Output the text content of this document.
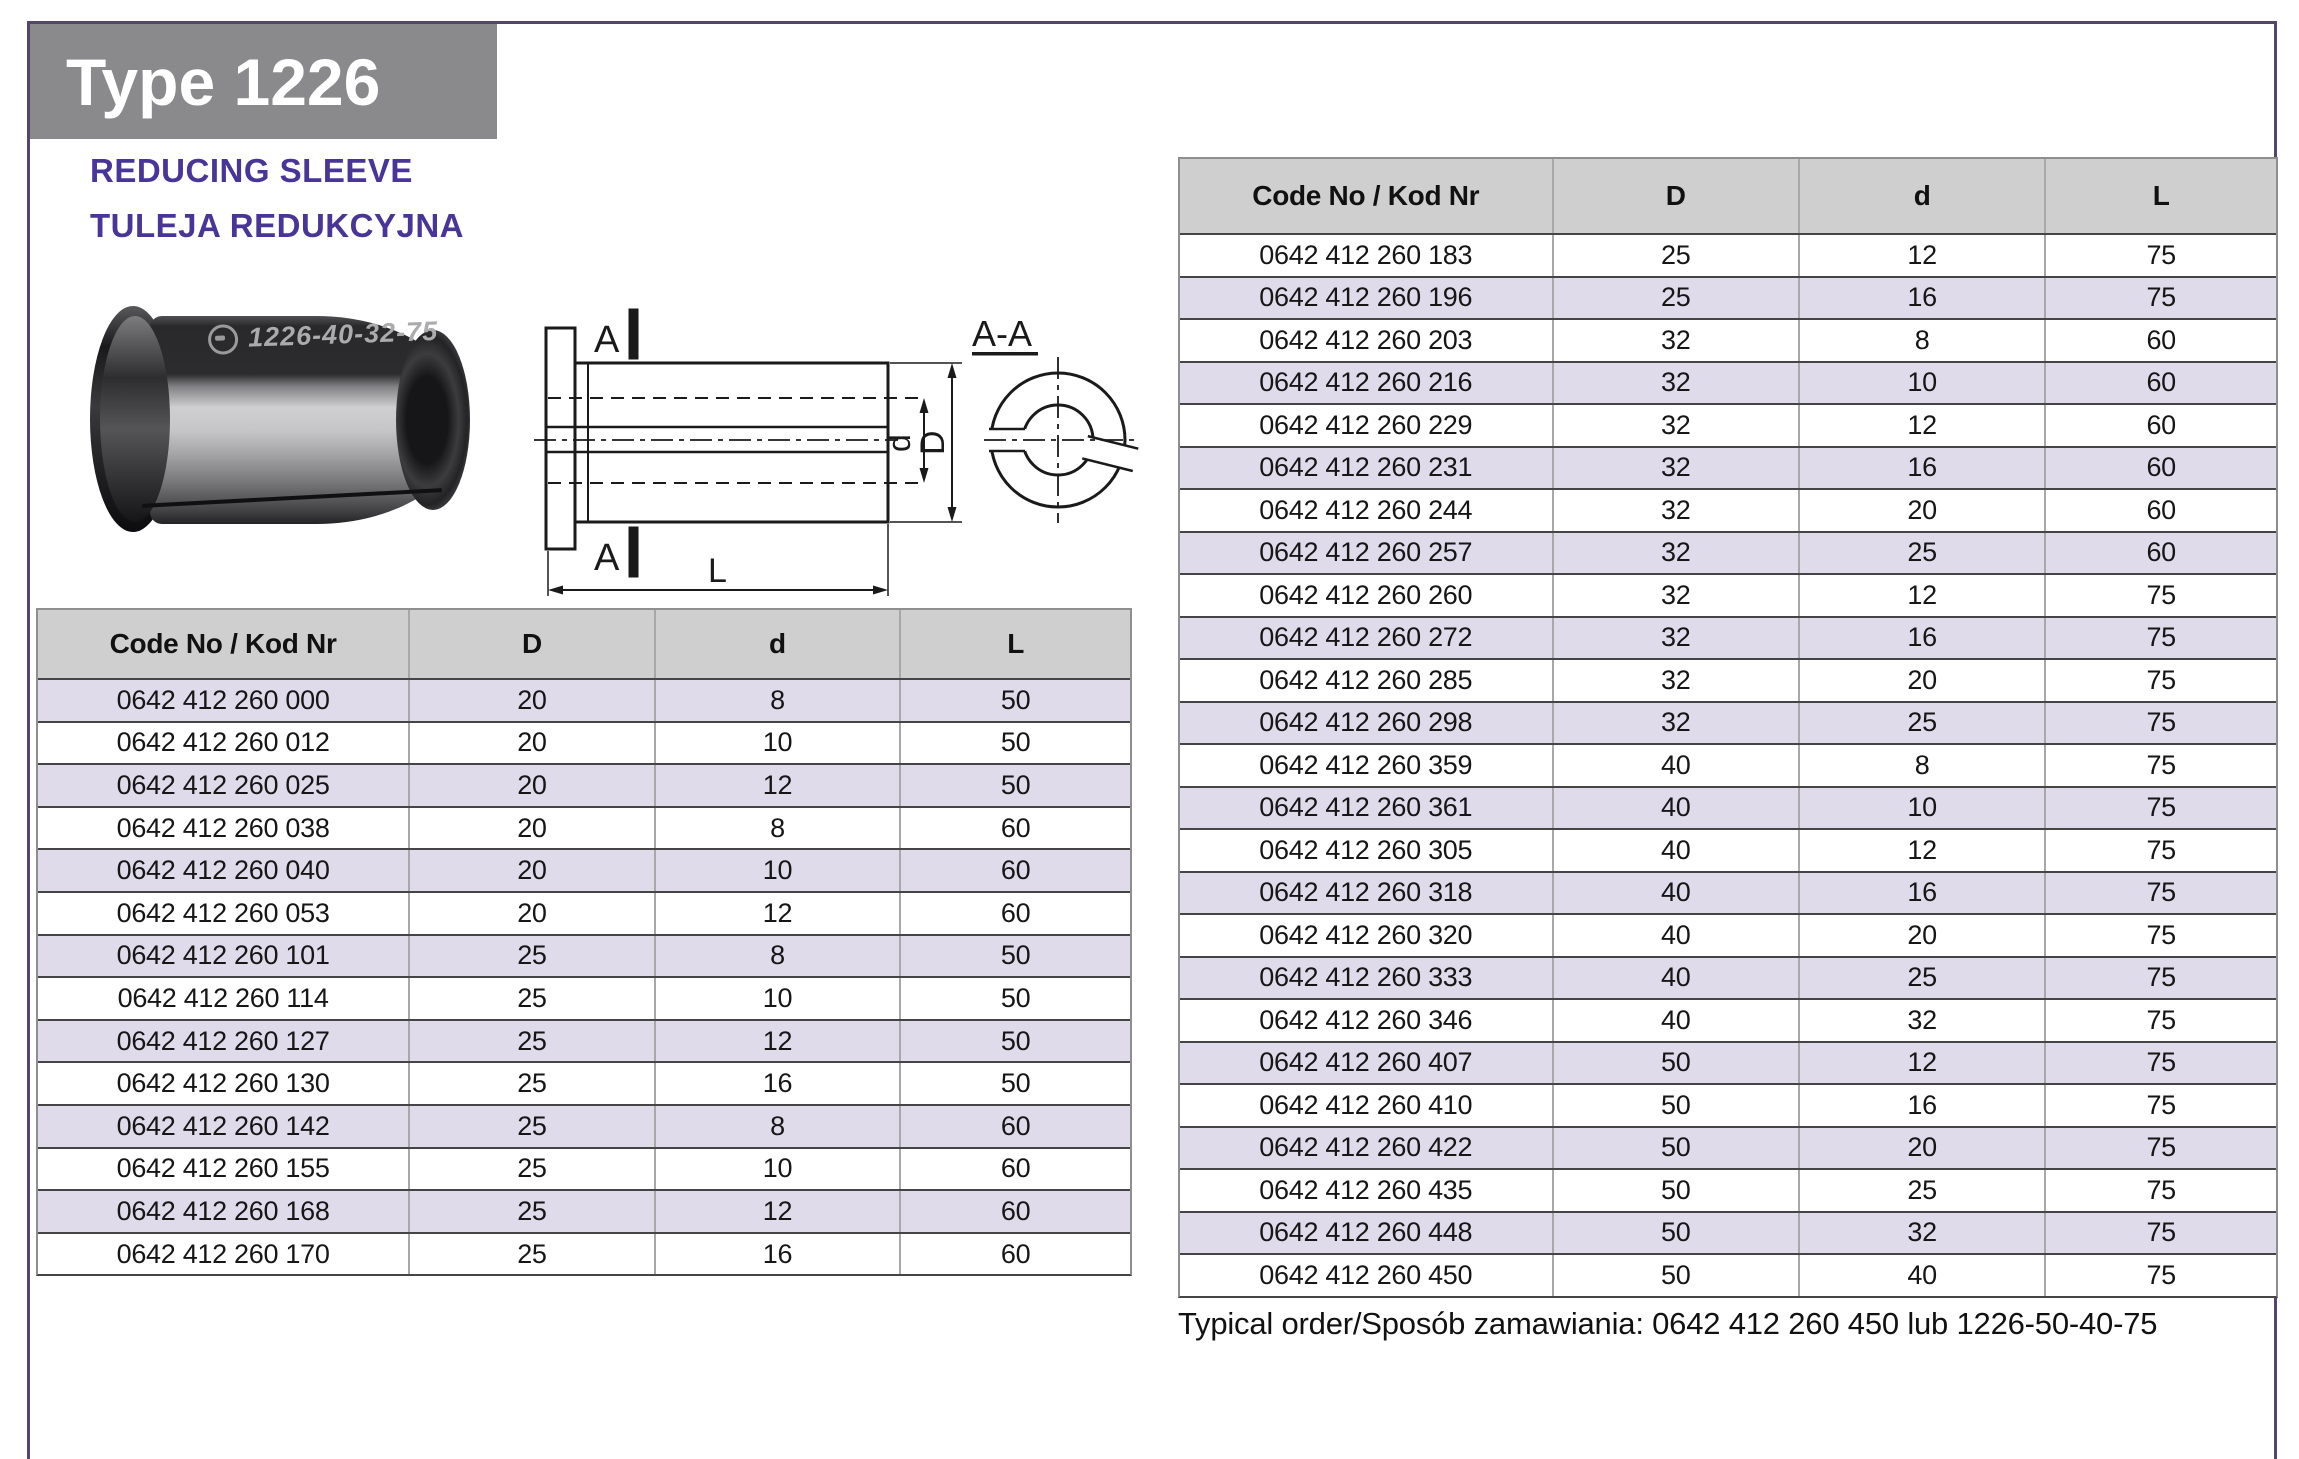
Type 1226
REDUCING SLEEVE
TULEJA REDUKCYJNA
1226-40-32-75	A
A
A-A
L
d
D
Code No / Kod Nr	D	d	L
0642 412 260 000	20	8	50
0642 412 260 012	20	10	50
0642 412 260 025	20	12	50
0642 412 260 038	20	8	60
0642 412 260 040	20	10	60
0642 412 260 053	20	12	60
0642 412 260 101	25	8	50
0642 412 260 114	25	10	50
0642 412 260 127	25	12	50
0642 412 260 130	25	16	50
0642 412 260 142	25	8	60
0642 412 260 155	25	10	60
0642 412 260 168	25	12	60
0642 412 260 170	25	16	60
Code No / Kod Nr	D	d	L
0642 412 260 183	25	12	75
0642 412 260 196	25	16	75
0642 412 260 203	32	8	60
0642 412 260 216	32	10	60
0642 412 260 229	32	12	60
0642 412 260 231	32	16	60
0642 412 260 244	32	20	60
0642 412 260 257	32	25	60
0642 412 260 260	32	12	75
0642 412 260 272	32	16	75
0642 412 260 285	32	20	75
0642 412 260 298	32	25	75
0642 412 260 359	40	8	75
0642 412 260 361	40	10	75
0642 412 260 305	40	12	75
0642 412 260 318	40	16	75
0642 412 260 320	40	20	75
0642 412 260 333	40	25	75
0642 412 260 346	40	32	75
0642 412 260 407	50	12	75
0642 412 260 410	50	16	75
0642 412 260 422	50	20	75
0642 412 260 435	50	25	75
0642 412 260 448	50	32	75
0642 412 260 450	50	40	75
Typical order/Sposób zamawiania: 0642 412 260 450 lub 1226-50-40-75
